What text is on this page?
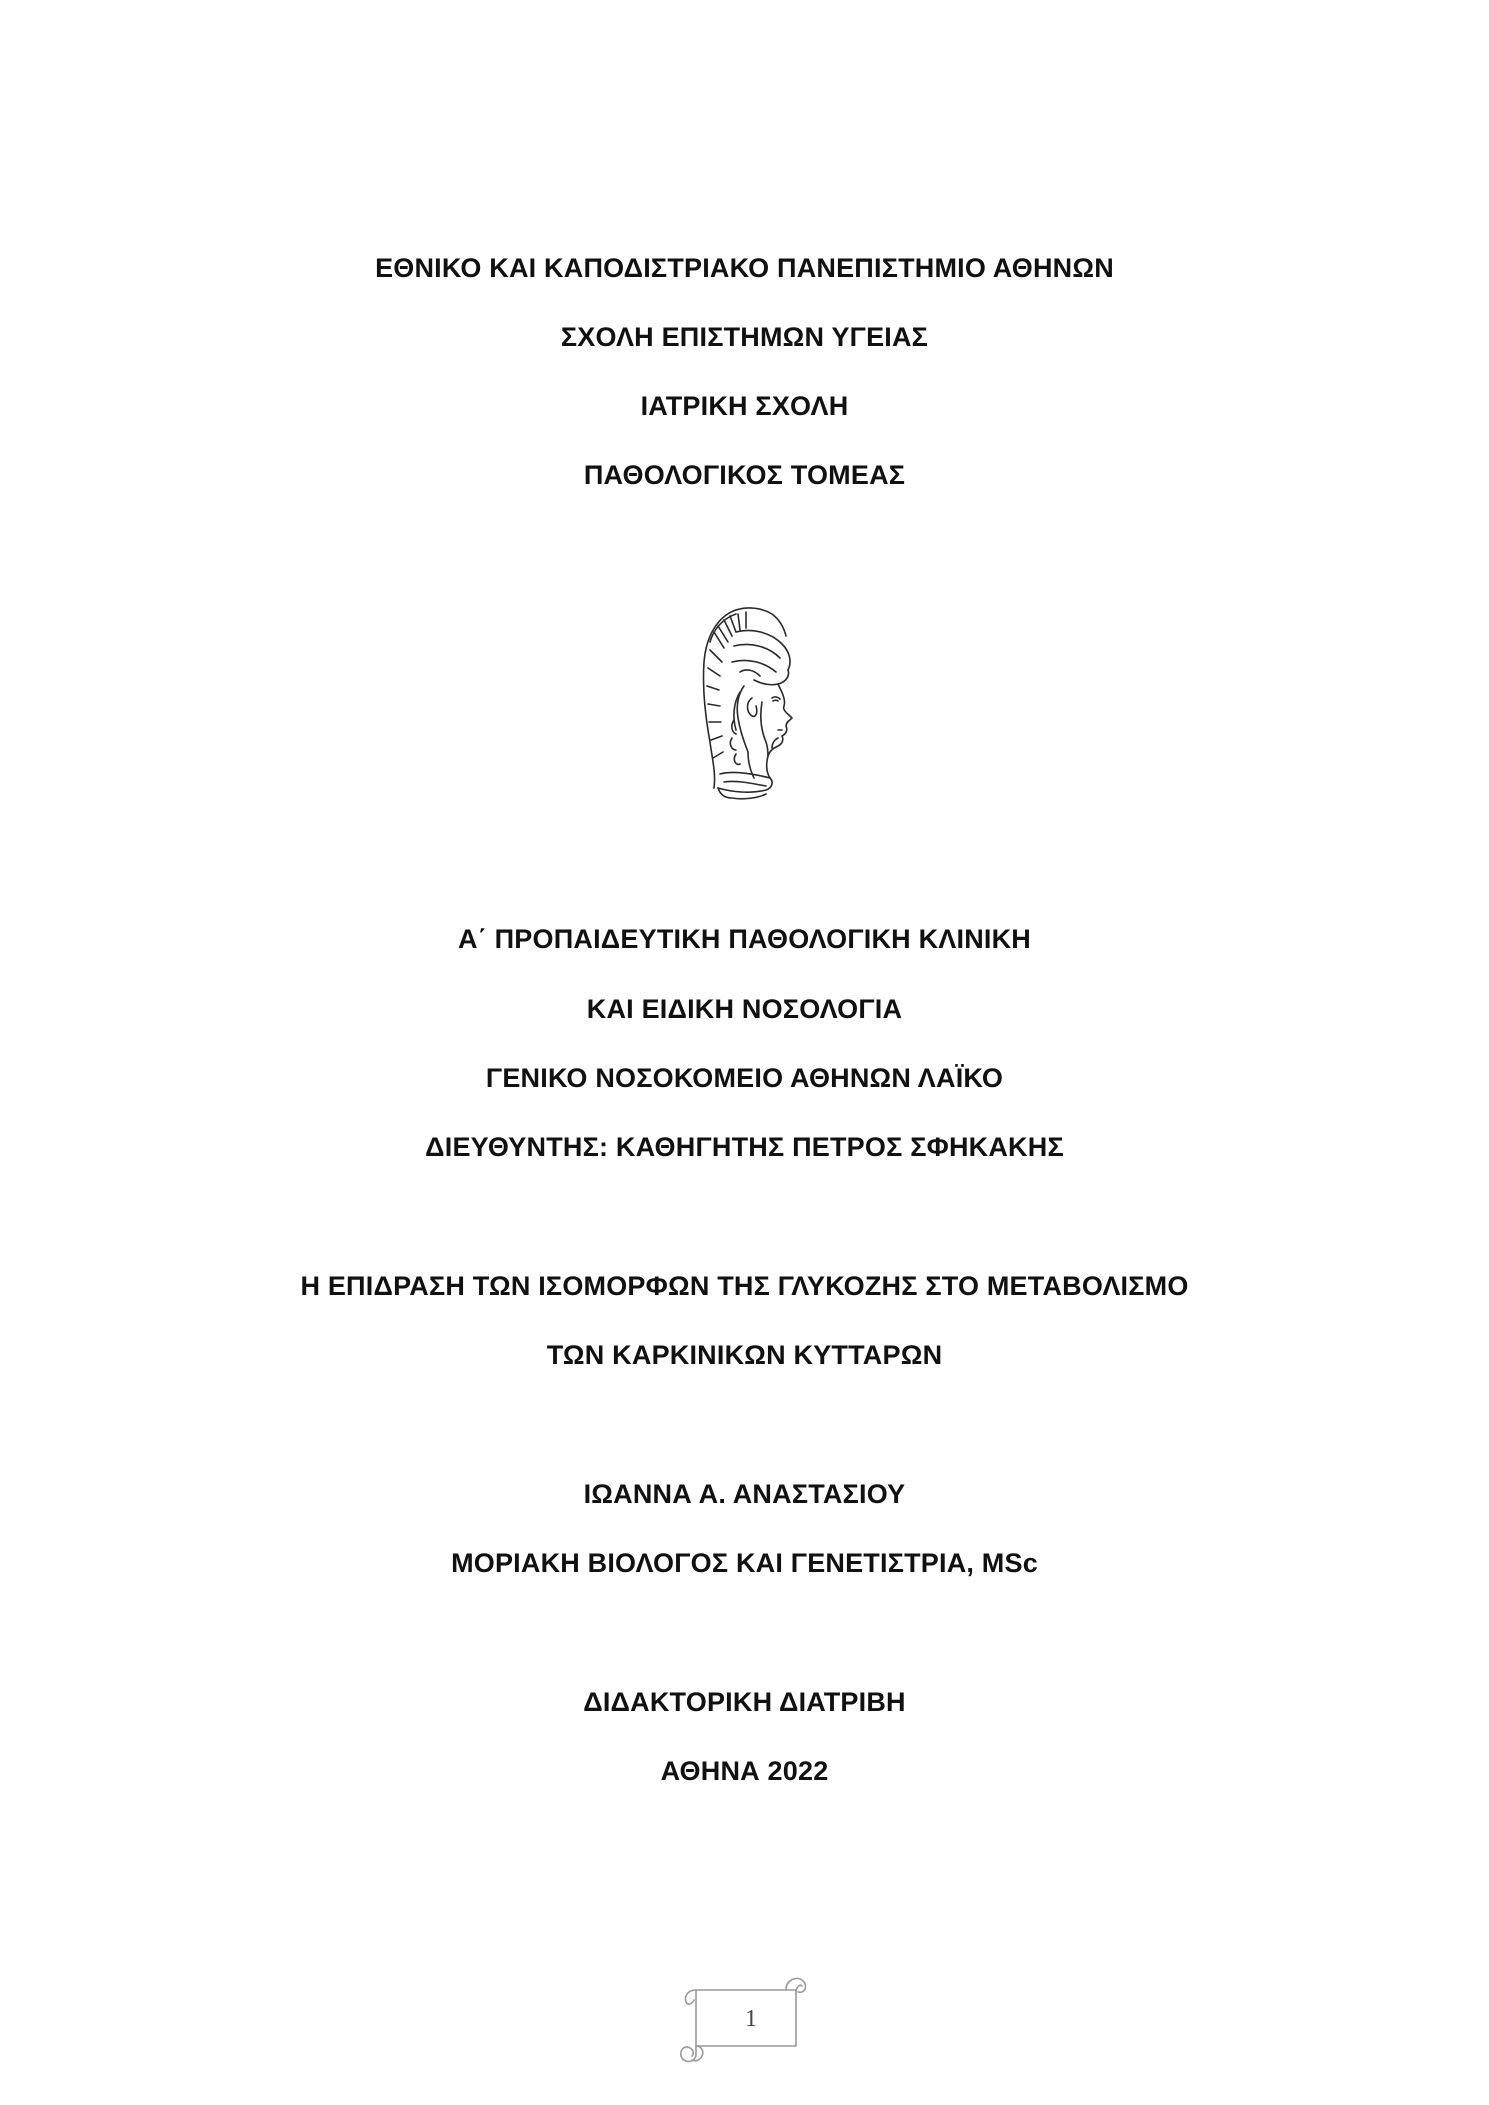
ΕΘΝΙΚΟ ΚΑΙ ΚΑΠΟΔΙΣΤΡΙΑΚΟ ΠΑΝΕΠΙΣΤΗΜΙΟ ΑΘΗΝΩΝ
ΣΧΟΛΗ ΕΠΙΣΤΗΜΩΝ ΥΓΕΙΑΣ
ΙΑΤΡΙΚΗ ΣΧΟΛΗ
ΠΑΘΟΛΟΓΙΚΟΣ ΤΟΜΕΑΣ
Α΄ ΠΡΟΠΑΙΔΕΥΤΙΚΗ ΠΑΘΟΛΟΓΙΚΗ ΚΛΙΝΙΚΗ
ΚΑΙ ΕΙΔΙΚΗ ΝΟΣΟΛΟΓΙΑ
ΓΕΝΙΚΟ ΝΟΣΟΚΟΜΕΙΟ ΑΘΗΝΩΝ ΛΑΪΚΟ
ΔΙΕΥΘΥΝΤΗΣ: ΚΑΘΗΓΗΤΗΣ ΠΕΤΡΟΣ ΣΦΗΚΑΚΗΣ
Η ΕΠΙΔΡΑΣΗ ΤΩΝ ΙΣΟΜΟΡΦΩΝ ΤΗΣ ΓΛΥΚΟΖΗΣ ΣΤΟ ΜΕΤΑΒΟΛΙΣΜΟ
ΤΩΝ ΚΑΡΚΙΝΙΚΩΝ ΚΥΤΤΑΡΩΝ
ΙΩΑΝΝΑ Α. ΑΝΑΣΤΑΣΙΟΥ
ΜΟΡΙΑΚΗ ΒΙΟΛΟΓΟΣ ΚΑΙ ΓΕΝΕΤΙΣΤΡΙΑ, MSc
ΔΙΔΑΚΤΟΡΙΚΗ ΔΙΑΤΡΙΒΗ
ΑΘΗΝΑ 2022
1
